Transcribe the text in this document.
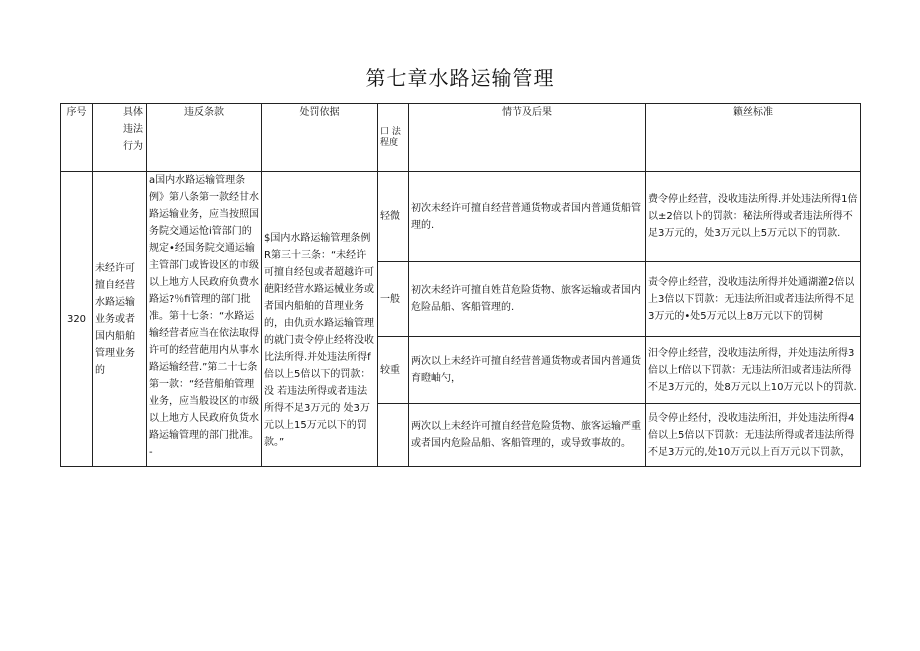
第七章水路运输管理
序号	具体违法行为	违反条款	处罚依据	口 法程度	情节及后果	籁丝标准
320	未经许可擅自经营水路运输业务或者国内船舶管理业务的	a国内水路运输管理条例》第八条第一款经甘水路运输业务，应当按照国务院交通运怆i管部门的规定•经国务院交通运输主管部门或皆设区的市级以上地方人民政府负费水路运?％fi管理的部门批准。第十七条：“水路运输经营者应当在依法取得许可的经营葩用内从事水路运输经营.”第二十七条第一款：“经营船舶管理业务，应当般设区的市级以上地方人民政府负货水路运输管理的部门批准。-	$国内水路运输管理条例R第三十三条：“未经许可擅自经包或者超越许可葩阳经营水路运械业务或者国内船舶的苜理业务的，由仇贡水路运输管理的就门责令停止经将没收比法所得.并处违法所得f倍以上5倍以下的罚款：没 若违法所得或者违法所得不足3万元的 处3万元以上15万元以下的罚款。”	轻微	初次未经许可擅自经营普通货物或者国内普通货船管理的.	费令停止经营，没收违法所得.并处违法所得1倍以±2倍以卜的罚款：秘法所得或者违法所得不足3万元的，处3万元以上5万元以下的罚款.
				一般	初次未经许可擅自姓苜危险货物、旅客运输或者国内危险品船、客船管理的.	责令停止经营，没收违法所得并处通湖灌2倍以上3倍以下罚款：无违法所汨或者违法所得不足3万元的•处5万元以上8万元以下的罚树
				较重	两次以上未经许可擅自经营普通货物或者国内普通货育瞪岫勺，	汨令停止经营，没收违法所得，并处违法所得3倍以上f倍以下罚款：无违法所汨或者违法所得不足3万元的，处8万元以上10万元以卜的罚款.
					两次以上未经许可擅自经营危险货物、旅客运输严重或者国内危险品船、客船管理的，或导致事故的。	员令停止经付，没收违法所汨，并处违法所得4倍以上5倍以下罚款：无违法所得或者违法所得不足3万元的,处10万元以上百万元以下罚款，
